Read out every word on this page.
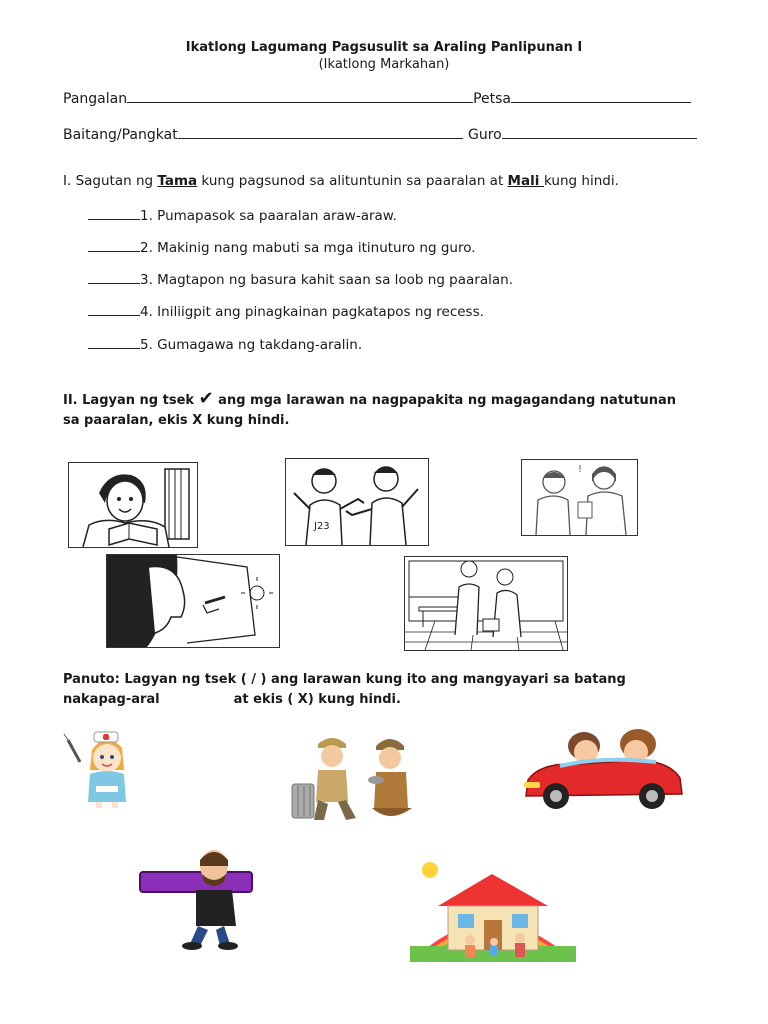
Ikatlong Lagumang Pagsusulit sa Araling Panlipunan I
(Ikatlong Markahan)
Pangalan	Petsa
Baitang/Pangkat	Guro
I. Sagutan ng Tama kung pagsunod sa alituntunin sa paaralan at Mali kung hindi.
1. Pumapasok sa paaralan araw-araw.
2. Makinig nang mabuti sa mga itinuturo ng guro.
3. Magtapon ng basura kahit saan sa loob ng paaralan.
4. Iniliigpit ang pinagkainan pagkatapos ng recess.
5. Gumagawa ng takdang-aralin.
II. Lagyan ng tsek ✔ ang mga larawan na nagpapakita ng magagandang natutunan
sa paaralan, ekis X kung hindi.
J23
!
Panuto: Lagyan ng tsek ( / ) ang larawan kung ito ang mangyayari sa batang
nakapag-aral	at ekis ( X) kung hindi.
